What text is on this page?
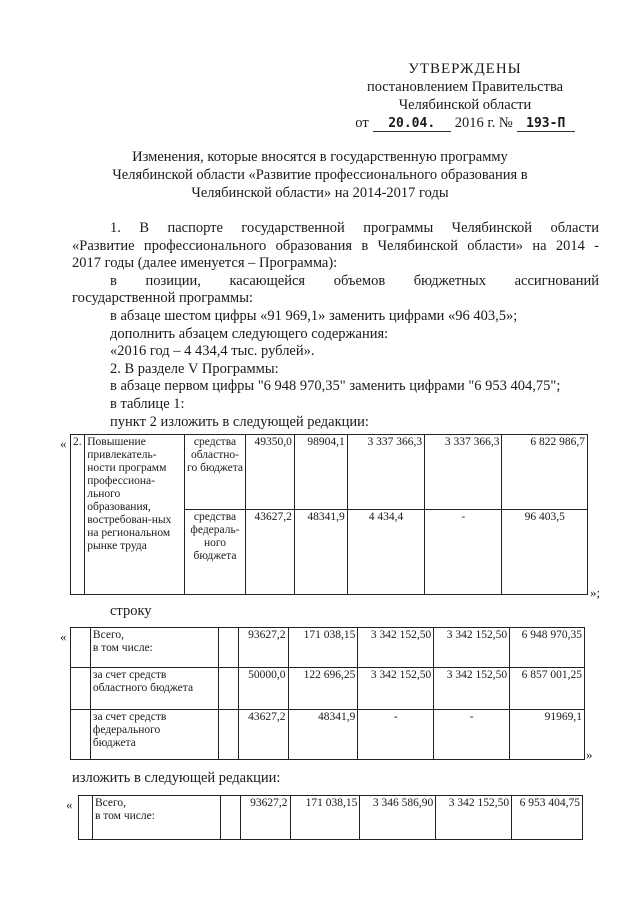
УТВЕРЖДЕНЫ
постановлением Правительства
Челябинской области
от	20.04.	2016 г. №	193-П
Изменения, которые вносятся в государственную программу
Челябинской области «Развитие профессионального образования в
Челябинской области» на 2014-2017 годы

1. В паспорте государственной программы Челябинской области

«Развитие профессионального образования в Челябинской области» на 2014 -

2017 годы (далее именуется – Программа):

в позиции, касающейся объемов бюджетных ассигнований

государственной программы:

в абзаце шестом цифры «91 969,1» заменить цифрами «96 403,5»;

дополнить абзацем следующего содержания:

«2016 год – 4 434,4 тыс. рублей».

2. В разделе V Программы:

в абзаце первом цифры "6 948 970,35" заменить цифрами "6 953 404,75";

в таблице 1:

пункт 2 изложить в следующей редакции:

« 2.	Повышение привлекатель-ности программ профессиона-льного образования, востребован-ных на региональном рынке труда	средства областно-го бюджета	49350,0	98904,1	3 337 366,3	3 337 366,3	6 822 986,7
		средства федераль-ного бюджета	43627,2	48341,9	4 434,4	-	96 403,5
»;
строку
«
	Всего,
в том числе:		93627,2	171 038,15	3 342 152,50	3 342 152,50	6 948 970,35
	за счет средств
областного бюджета		50000,0	122 696,25	3 342 152,50	3 342 152,50	6 857 001,25
	за счет средств
федерального
бюджета		43627,2	48341,9	-	-	91969,1
»
изложить в следующей редакции:
«
	Всего,
в том числе:		93627,2	171 038,15	3 346 586,90	3 342 152,50	6 953 404,75
